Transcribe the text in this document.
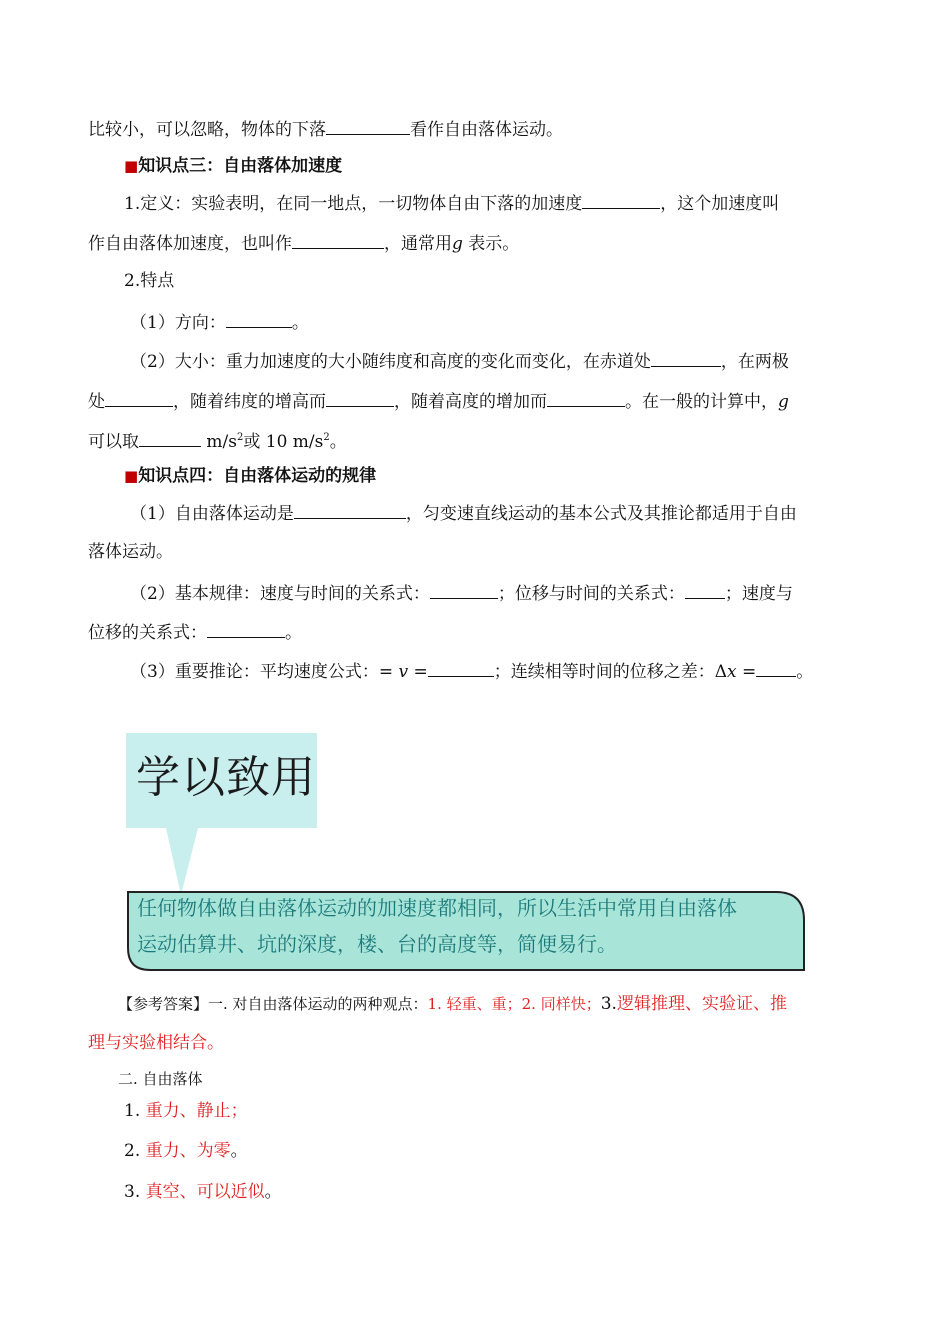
比较小，可以忽略，物体的下落	看作自由落体运动。
■知识点三：自由落体加速度
1.定义：实验表明，在同一地点，一切物体自由下落的加速度	，这个加速度叫
作自由落体加速度，也叫作	，通常用g 表示。
2.特点
（1）方向：	。
（2）大小：重力加速度的大小随纬度和高度的变化而变化，在赤道处	，在两极
处	，随着纬度的增高而	，随着高度的增加而	。在一般的计算中，g
可以取	$m/s^2$或 10 $m/s^2$。
■知识点四：自由落体运动的规律
（1）自由落体运动是	，匀变速直线运动的基本公式及其推论都适用于自由
落体运动。
（2）基本规律：速度与时间的关系式：	；位移与时间的关系式： ；速度与
位移的关系式：	。
（3）重要推论：平均速度公式：= v =	；连续相等时间的位移之差：Δx = 。
学以致用
任何物体做自由落体运动的加速度都相同，所以生活中常用自由落体
运动估算井、坑的深度，楼、台的高度等，简便易行。
【参考答案】一. 对自由落体运动的两种观点：1. 轻重、重；2. 同样快；3.逻辑推理、实验证、推
理与实验相结合。
二. 自由落体
1. 重力、静止；
2. 重力、为零。
3. 真空、可以近似。
